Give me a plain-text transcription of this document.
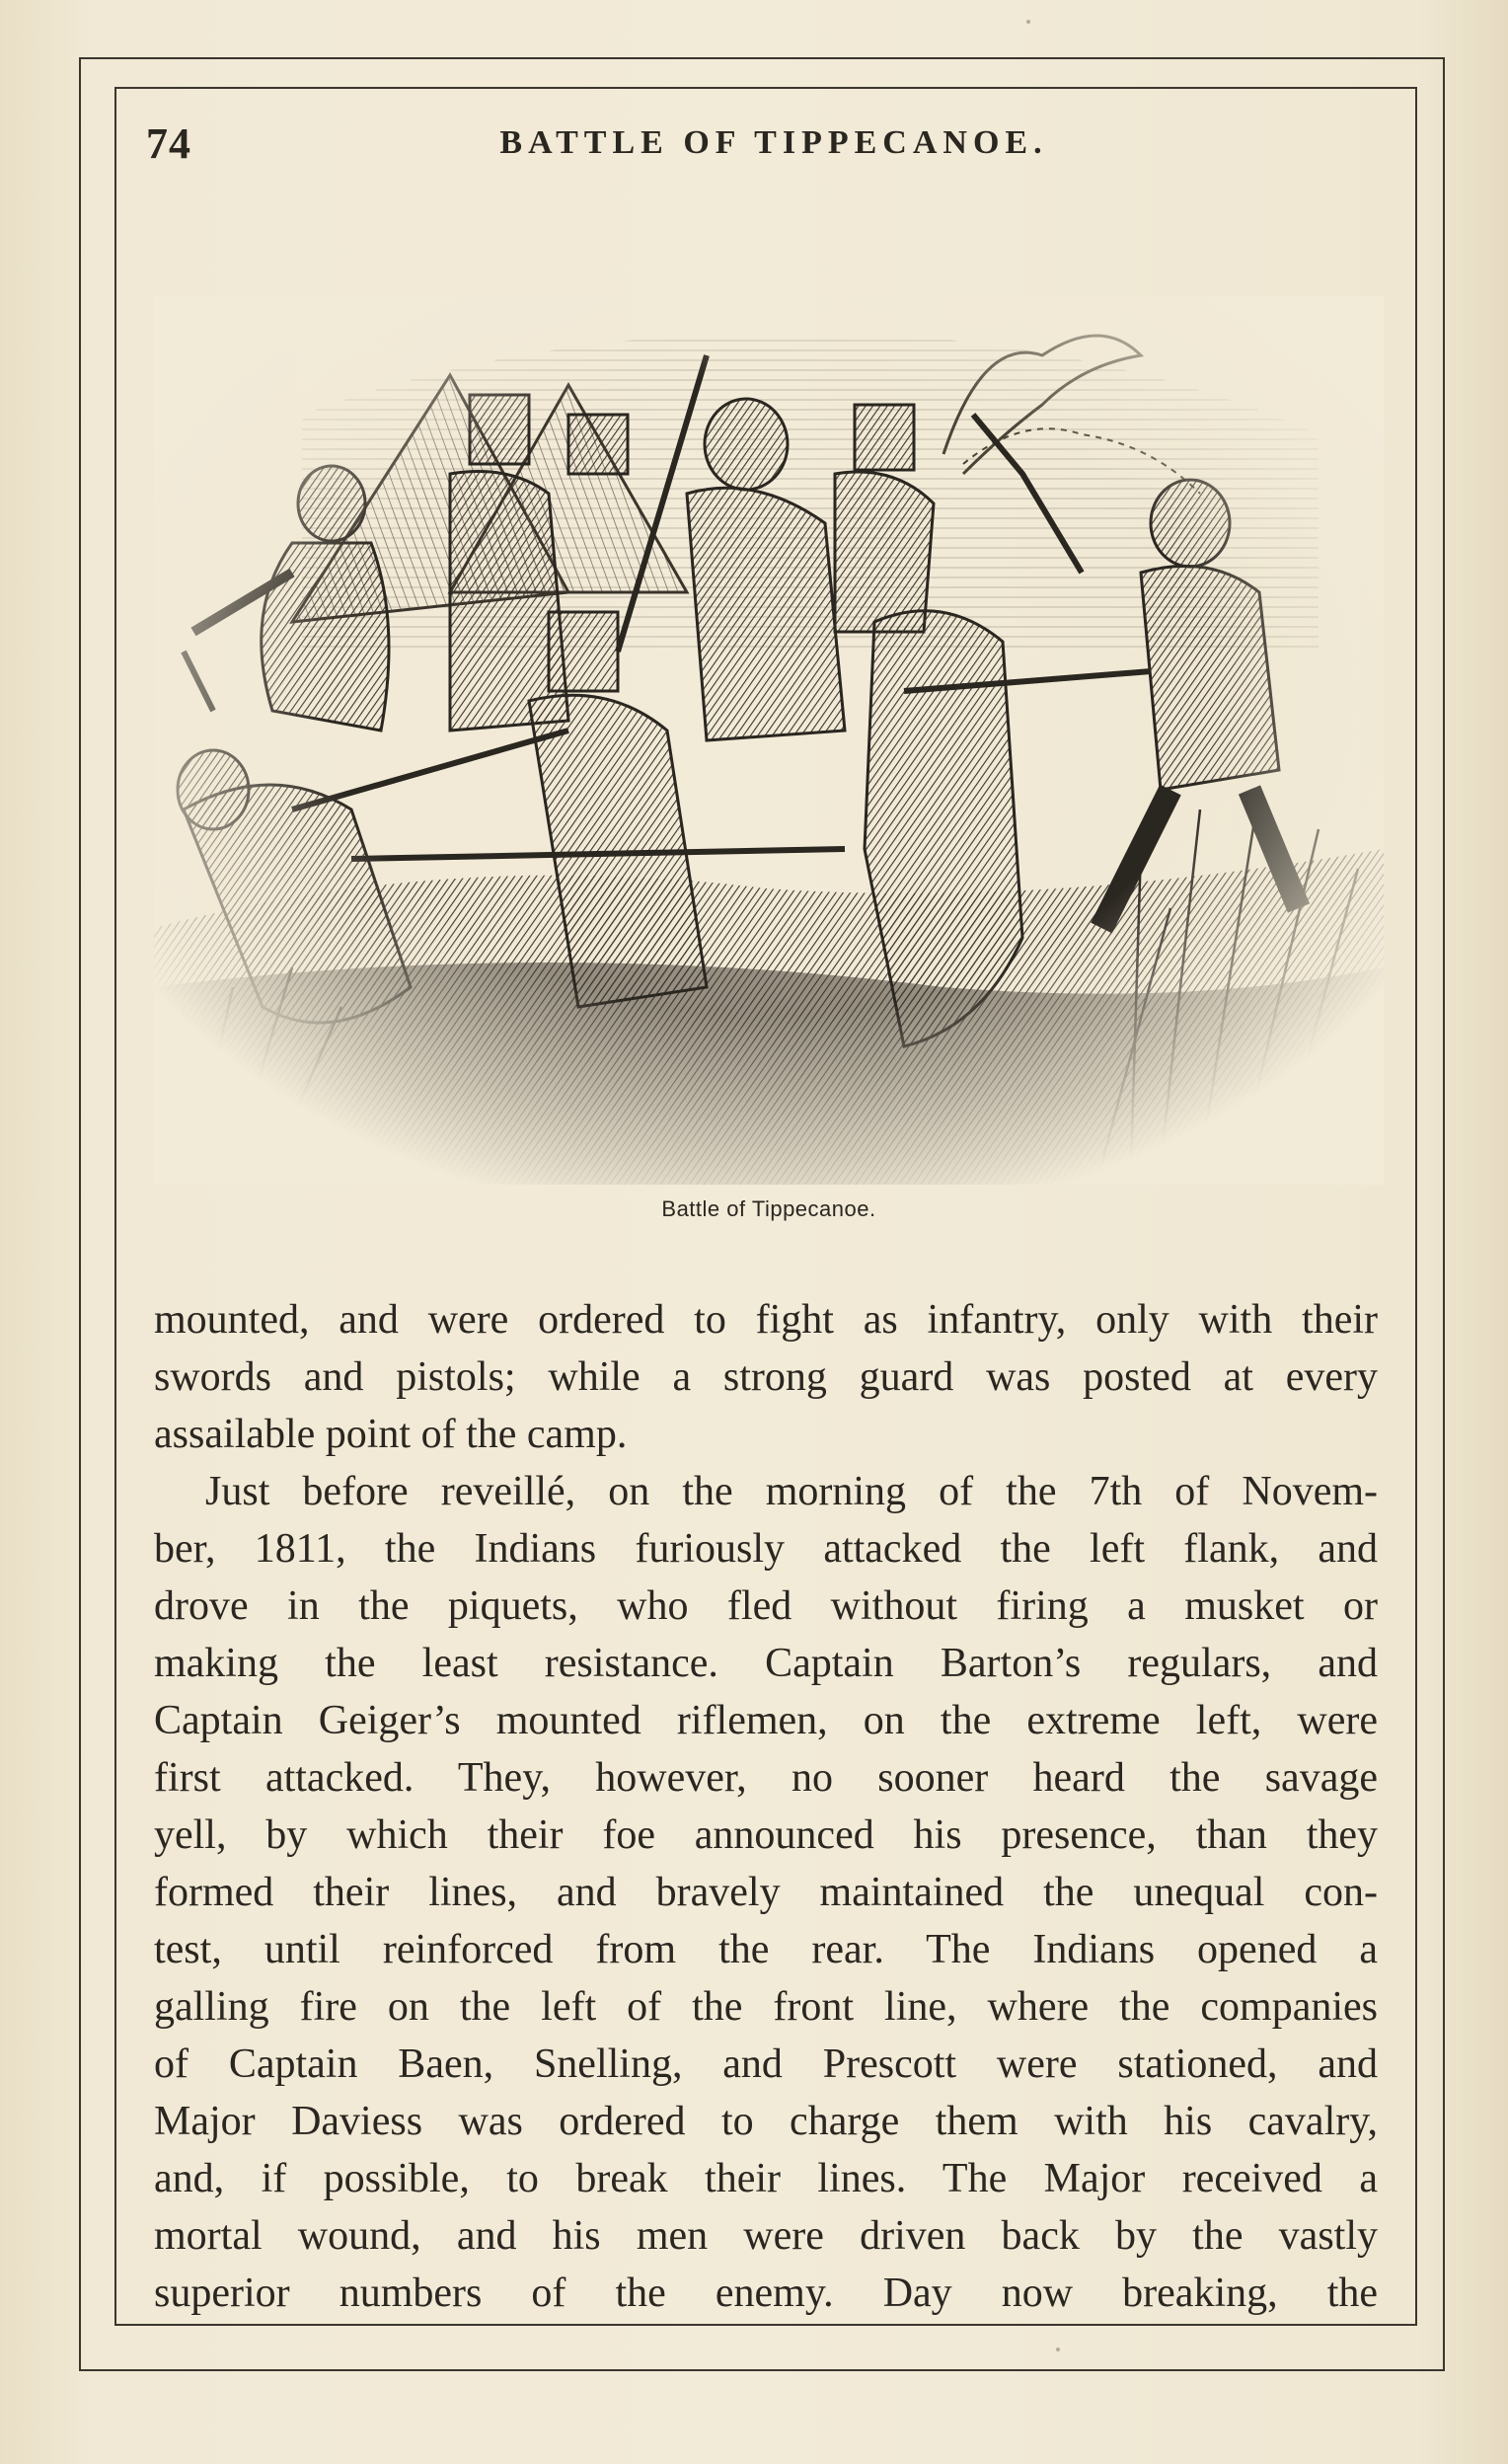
74	BATTLE OF TIPPECANOE.
Battle of Tippecanoe.
mounted, and were ordered to fight as infantry, only with their
swords and pistols; while a strong guard was posted at every
assailable point of the camp.
Just before reveillé, on the morning of the 7th of Novem-
ber, 1811, the Indians furiously attacked the left flank, and
drove in the piquets, who fled without firing a musket or
making the least resistance. Captain Barton’s regulars, and
Captain Geiger’s mounted riflemen, on the extreme left, were
first attacked. They, however, no sooner heard the savage
yell, by which their foe announced his presence, than they
formed their lines, and bravely maintained the unequal con-
test, until reinforced from the rear. The Indians opened a
galling fire on the left of the front line, where the companies
of Captain Baen, Snelling, and Prescott were stationed, and
Major Daviess was ordered to charge them with his cavalry,
and, if possible, to break their lines. The Major received a
mortal wound, and his men were driven back by the vastly
superior numbers of the enemy. Day now breaking, the
